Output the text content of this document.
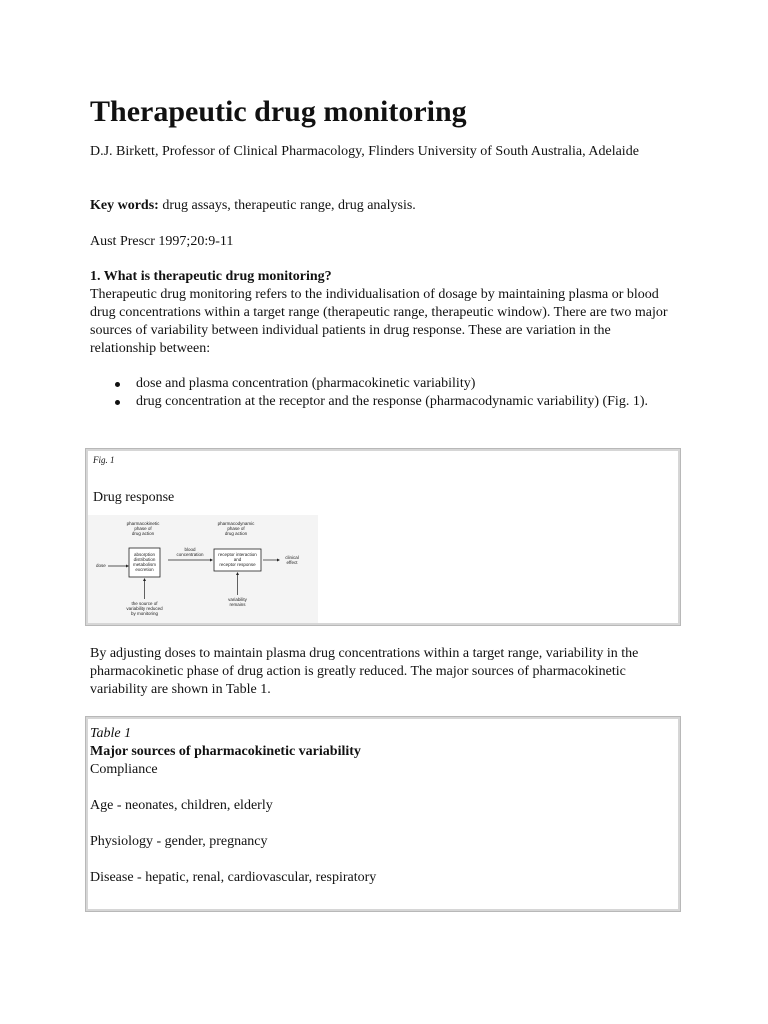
Therapeutic drug monitoring

D.J. Birkett, Professor of Clinical Pharmacology, Flinders University of South Australia, Adelaide

Key words: drug assays, therapeutic range, drug analysis.

Aust Prescr 1997;20:9-11

1. What is therapeutic drug monitoring?

Therapeutic drug monitoring refers to the individualisation of dosage by maintaining plasma or blood drug concentrations within a target range (therapeutic range, therapeutic window). There are two major sources of variability between individual patients in drug response. These are variation in the relationship between:

dose and plasma concentration (pharmacokinetic variability)
drug concentration at the receptor and the response (pharmacodynamic variability) (Fig. 1).
Fig. 1
Drug response
pharmacokinetic
phase of
drug action
pharmacodynamic
phase of
drug action
dose
absorption
distribution
metabolism
excretion
blood
concentration	receptor interaction
and
receptor response
clinical
effect
the source of
variability reduced
by monitoring
variability
remains

By adjusting doses to maintain plasma drug concentrations within a target range, variability in the pharmacokinetic phase of drug action is greatly reduced. The major sources of pharmacokinetic variability are shown in Table 1.

Table 1
Major sources of pharmacokinetic variability
Compliance
Age - neonates, children, elderly
Physiology - gender, pregnancy
Disease - hepatic, renal, cardiovascular, respiratory
